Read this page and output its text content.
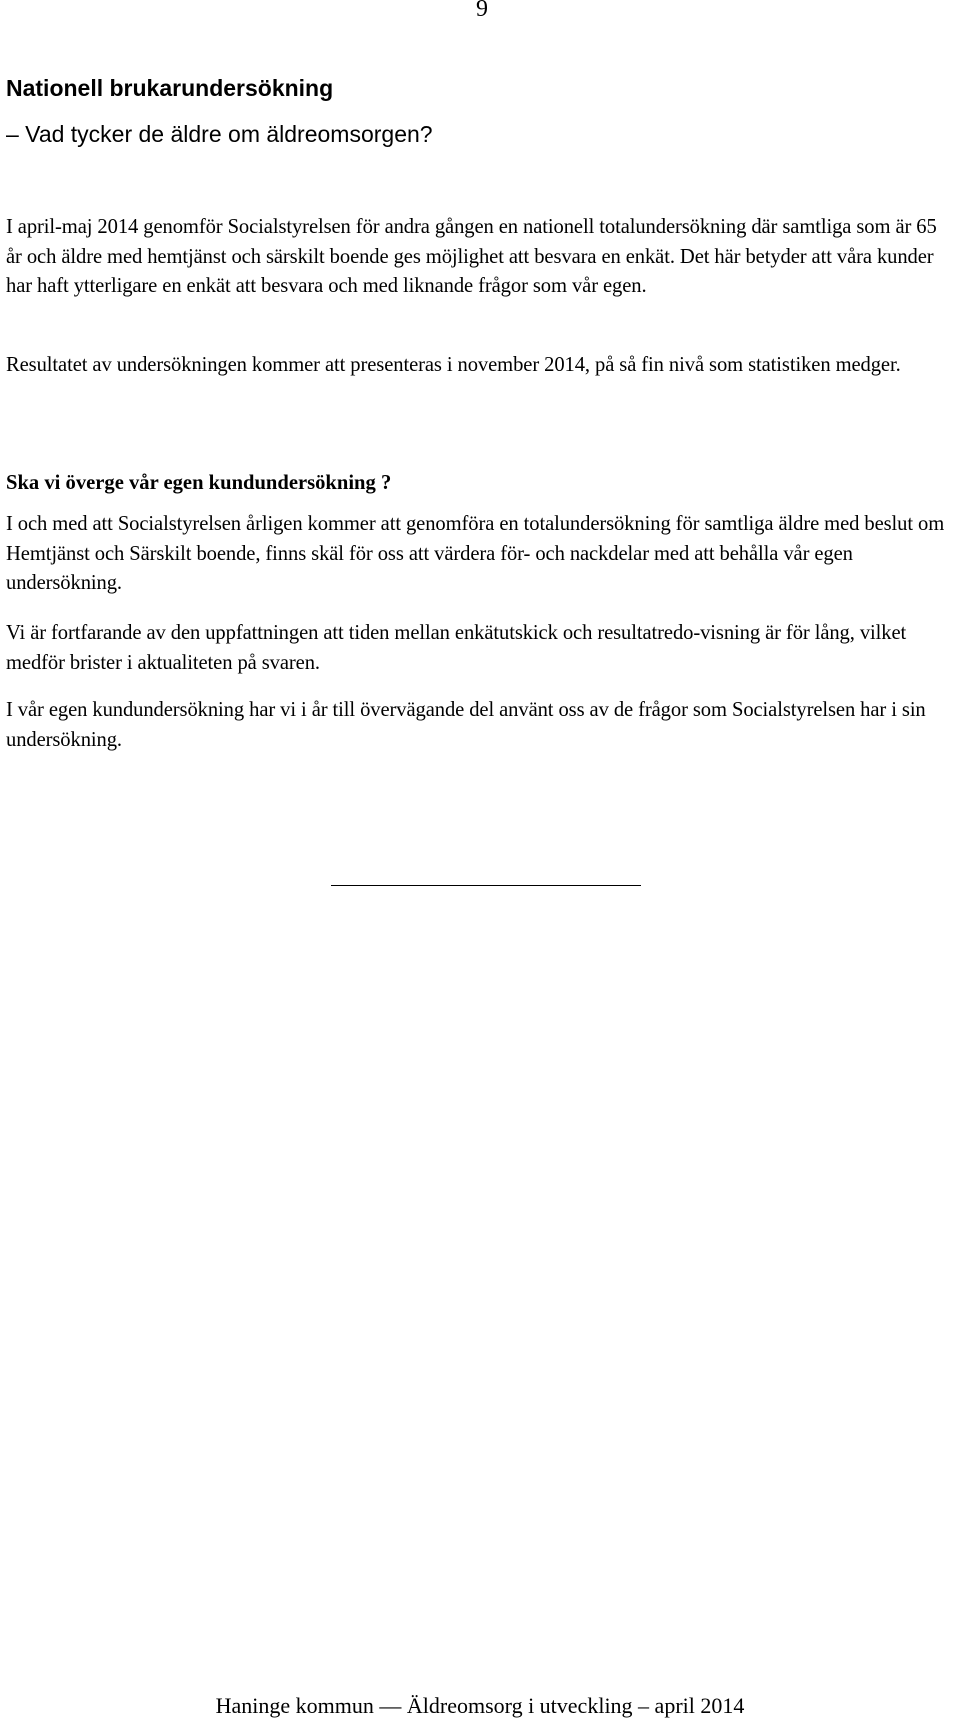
9
Nationell brukarundersökning
– Vad tycker de äldre om äldreomsorgen?

I april-maj 2014 genomför Socialstyrelsen för andra gången en nationell totalundersökning där samtliga som är 65 år och äldre med hemtjänst och särskilt boende ges möjlighet att besvara en enkät. Det här betyder att våra kunder har haft ytterligare en enkät att besvara och med liknande frågor som vår egen.

Resultatet av undersökningen kommer att presenteras i november 2014, på så fin nivå som statistiken medger.

Ska vi överge vår egen kundundersökning ?

I och med att Socialstyrelsen årligen kommer att genomföra en totalundersökning för samtliga äldre med beslut om Hemtjänst och Särskilt boende, finns skäl för oss att värdera för- och nackdelar med att behålla vår egen undersökning.

Vi är fortfarande av den uppfattningen att tiden mellan enkätutskick och resultatredo-visning är för lång, vilket medför brister i aktualiteten på svaren.

I vår egen kundundersökning har vi i år till övervägande del använt oss av de frågor som Socialstyrelsen har i sin undersökning.

Haninge kommun — Äldreomsorg i utveckling – april 2014
